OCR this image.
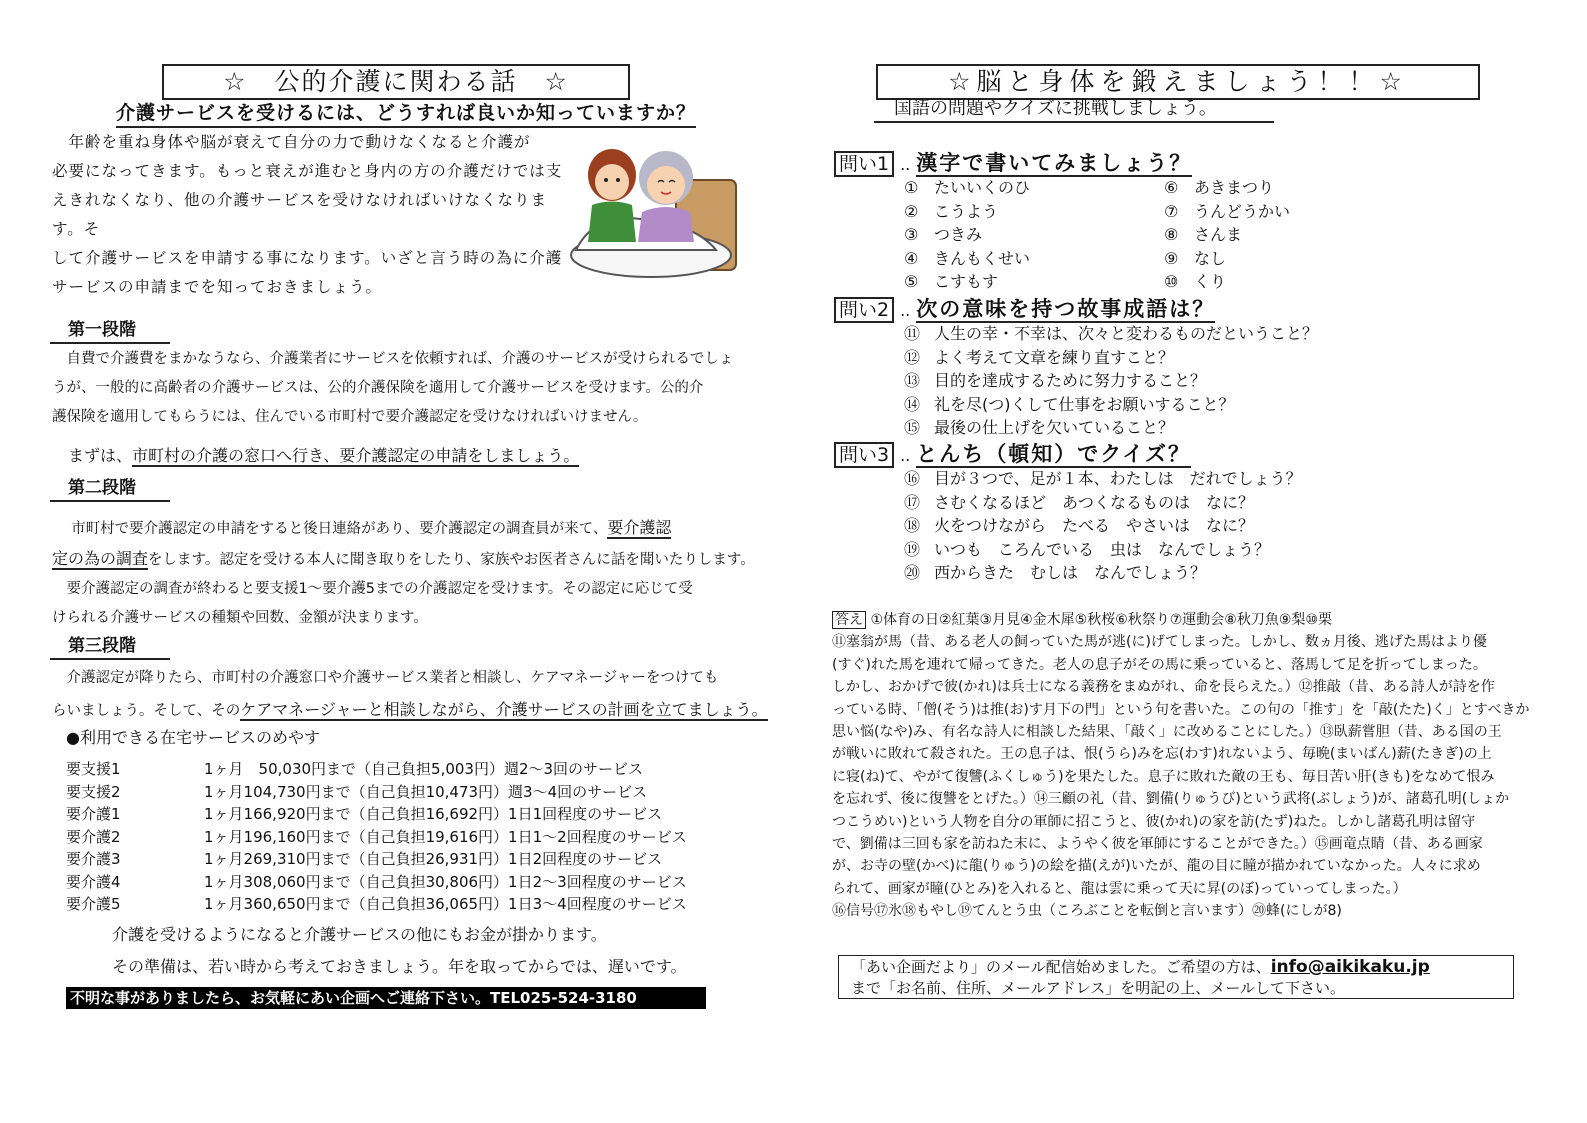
☆　公的介護に関わる話　☆
介護サービスを受けるには、どうすれば良いか知っていますか？
　年齢を重ね身体や脳が衰えて自分の力で動けなくなると介護が
必要になってきます。もっと衰えが進むと身内の方の介護だけでは支
えきれなくなり、他の介護サービスを受けなければいけなくなります。そ
して介護サービスを申請する事になります。いざと言う時の為に介護
サービスの申請までを知っておきましょう。
第一段階
　自費で介護費をまかなうなら、介護業者にサービスを依頼すれば、介護のサービスが受けられるでしょ
うが、一般的に高齢者の介護サービスは、公的介護保険を適用して介護サービスを受けます。公的介
護保険を適用してもらうには、住んでいる市町村で要介護認定を受けなければいけません。
　まずは、市町村の介護の窓口へ行き、要介護認定の申請をしましょう。
第二段階
　 市町村で要介護認定の申請をすると後日連絡があり、要介護認定の調査員が来て、要介護認
定の為の調査をします。認定を受ける本人に聞き取りをしたり、家族やお医者さんに話を聞いたりします。
　要介護認定の調査が終わると要支援1～要介護5までの介護認定を受けます。その認定に応じて受
けられる介護サービスの種類や回数、金額が決まります。
第三段階
　介護認定が降りたら、市町村の介護窓口や介護サービス業者と相談し、ケアマネージャーをつけても
らいましょう。そして、そのケアマネージャーと相談しながら、介護サービスの計画を立てましょう。
●利用できる在宅サービスのめやす
要支援1	1ヶ月　50,030円まで（自己負担5,003円）週2～3回のサービス
要支援2	1ヶ月104,730円まで（自己負担10,473円）週3～4回のサービス
要介護1	1ヶ月166,920円まで（自己負担16,692円）1日1回程度のサービス
要介護2	1ヶ月196,160円まで（自己負担19,616円）1日1～2回程度のサービス
要介護3	1ヶ月269,310円まで（自己負担26,931円）1日2回程度のサービス
要介護4	1ヶ月308,060円まで（自己負担30,806円）1日2～3回程度のサービス
要介護5	1ヶ月360,650円まで（自己負担36,065円）1日3～4回程度のサービス
介護を受けるようになると介護サービスの他にもお金が掛かります。
その準備は、若い時から考えておきましょう。年を取ってからでは、遅いです。
不明な事がありましたら、お気軽にあい企画へご連絡下さい。TEL025-524-3180
☆脳と身体を鍛えましょう！！☆
国語の問題やクイズに挑戦しましょう。
問い1 .. 漢字で書いてみましょう？
① たいいくのひ
② こうよう
③ つきみ
④ きんもくせい
⑤ こすもす
⑥ あきまつり
⑦ うんどうかい
⑧ さんま
⑨ なし
⑩ くり
問い2 .. 次の意味を持つ故事成語は？
⑪ 人生の幸・不幸は、次々と変わるものだということ？
⑫ よく考えて文章を練り直すこと？
⑬ 目的を達成するために努力すること？
⑭ 礼を尽(つ)くして仕事をお願いすること？
⑮ 最後の仕上げを欠いていること？
問い3 .. とんち（頓知）でクイズ？
⑯ 目が３つで、足が１本、わたしは　だれでしょう？
⑰ さむくなるほど　あつくなるものは　なに？
⑱ 火をつけながら　たべる　やさいは　なに？
⑲ いつも　ころんでいる　虫は　なんでしょう？
⑳ 西からきた　むしは　なんでしょう？
答え ①体育の日②紅葉③月見④金木犀⑤秋桜⑥秋祭り⑦運動会⑧秋刀魚⑨梨⑩栗
⑪塞翁が馬（昔、ある老人の飼っていた馬が逃(に)げてしまった。しかし、数ヵ月後、逃げた馬はより優
(すぐ)れた馬を連れて帰ってきた。老人の息子がその馬に乗っていると、落馬して足を折ってしまった。
しかし、おかげで彼(かれ)は兵士になる義務をまぬがれ、命を長らえた。）⑫推敲（昔、ある詩人が詩を作
っている時、「僧(そう)は推(お)す月下の門」という句を書いた。この句の「推す」を「敲(たた)く」とすべきか
思い悩(なや)み、有名な詩人に相談した結果、「敲く」に改めることにした。）⑬臥薪嘗胆（昔、ある国の王
が戦いに敗れて殺された。王の息子は、恨(うら)みを忘(わす)れないよう、毎晩(まいばん)薪(たきぎ)の上
に寝(ね)て、やがて復讐(ふくしゅう)を果たした。息子に敗れた敵の王も、毎日苦い肝(きも)をなめて恨み
を忘れず、後に復讐をとげた。）⑭三顧の礼（昔、劉備(りゅうび)という武将(ぶしょう)が、諸葛孔明(しょか
つこうめい)という人物を自分の軍師に招こうと、彼(かれ)の家を訪(たず)ねた。しかし諸葛孔明は留守
で、劉備は三回も家を訪ねた末に、ようやく彼を軍師にすることができた。）⑮画竜点睛（昔、ある画家
が、お寺の壁(かべ)に龍(りゅう)の絵を描(えが)いたが、龍の目に瞳が描かれていなかった。人々に求め
られて、画家が瞳(ひとみ)を入れると、龍は雲に乗って天に昇(のぼ)っていってしまった。）
⑯信号⑰氷⑱もやし⑲てんとう虫（ころぶことを転倒と言います）⑳蜂(にしが8)
「あい企画だより」のメール配信始めました。ご希望の方は、info@aikikaku.jp
まで「お名前、住所、メールアドレス」を明記の上、メールして下さい。
